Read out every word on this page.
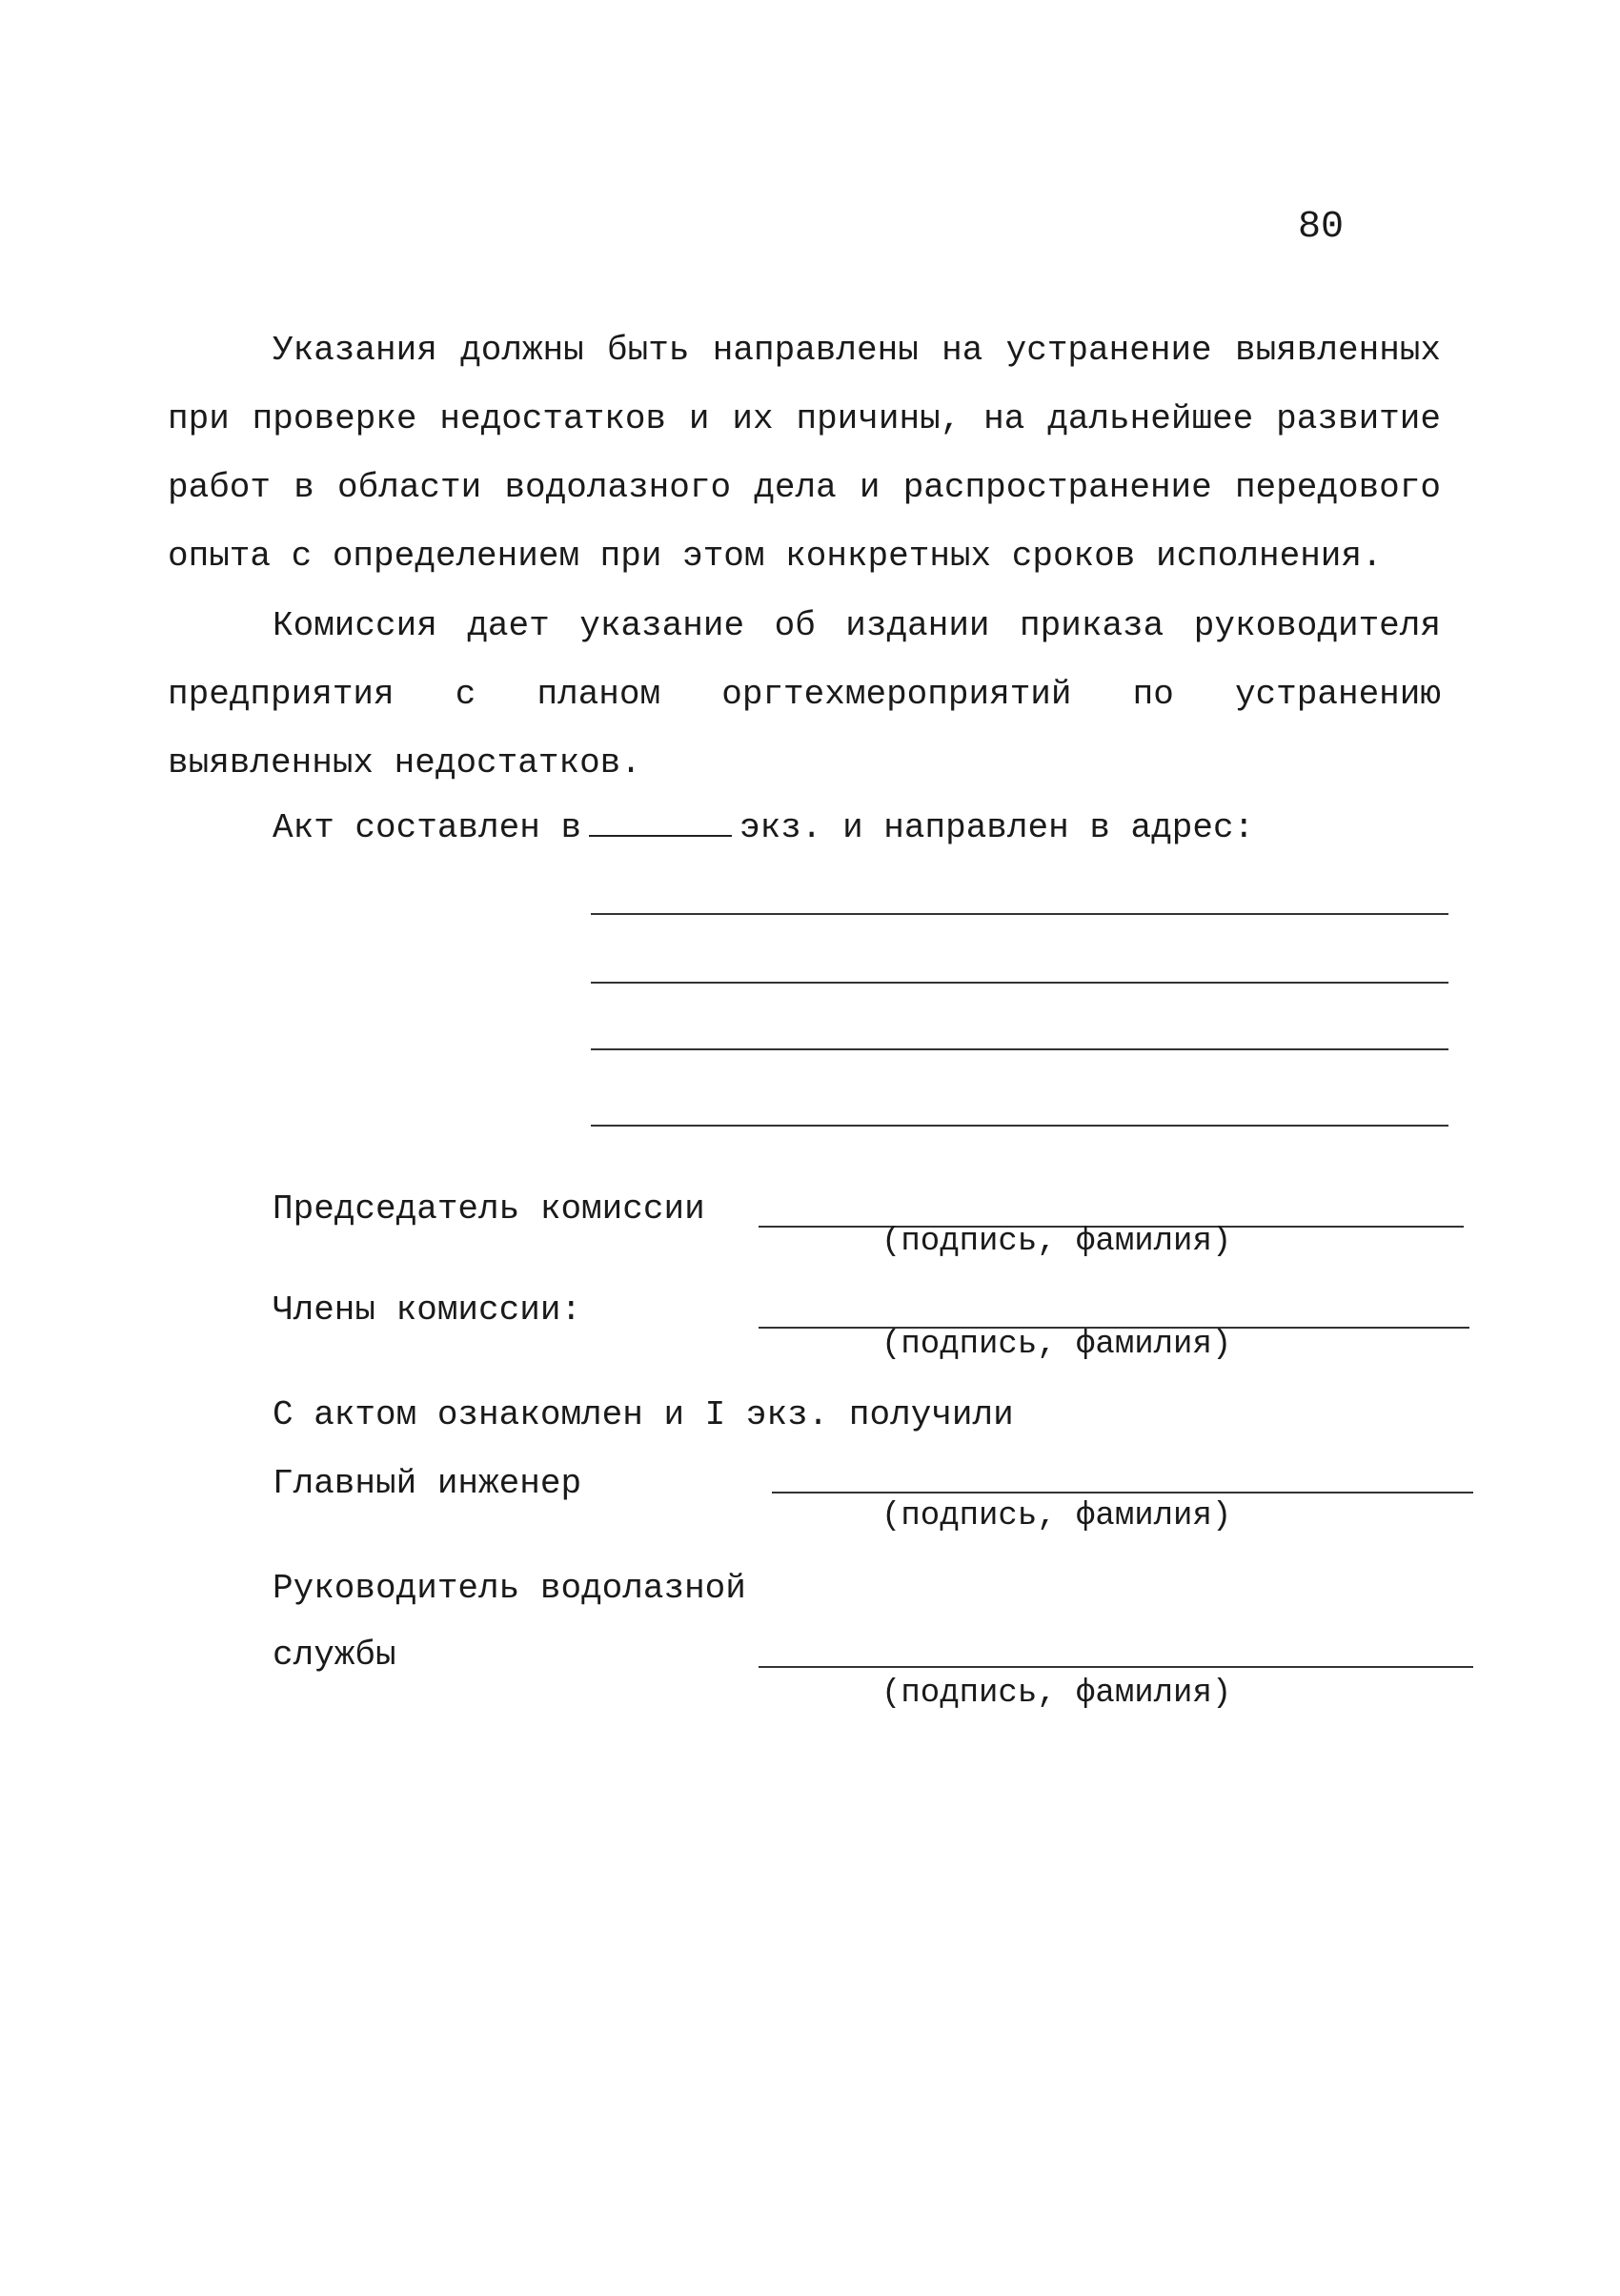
80

Указания должны быть направлены на устранение выявленных при проверке недостатков и их причины, на дальнейшее развитие работ в области водолазного дела и распространение передового опыта с определением при этом конкретных сроков исполнения.

Комиссия дает указание об издании приказа руководителя предприятия с планом оргтехмероприятий по устранению выявленных недостатков.

Акт составлен в	экз. и направлен в адрес:
Председатель комиссии
(подпись, фамилия)
Члены комиссии:
(подпись, фамилия)
С актом ознакомлен и I экз. получили
Главный инженер
(подпись, фамилия)
Руководитель водолазной
службы
(подпись, фамилия)
